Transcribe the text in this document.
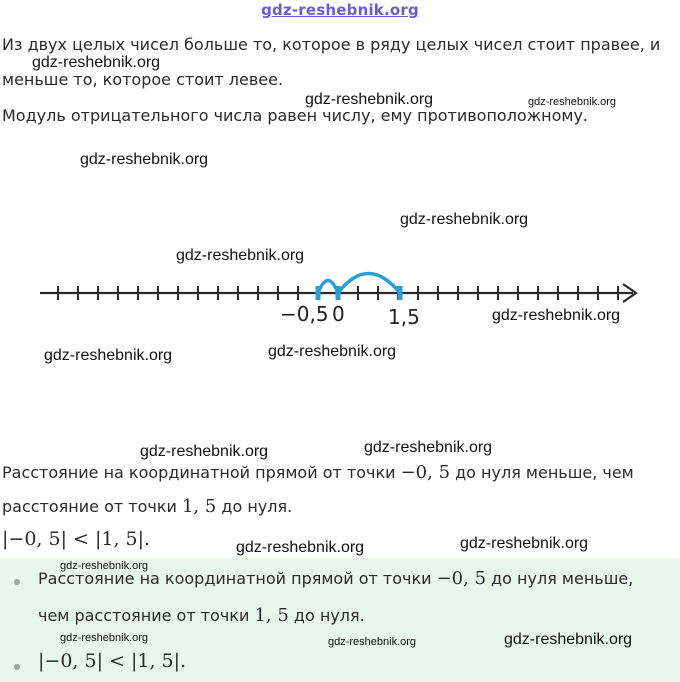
gdz-reshebnik.org
Из двух целых чисел больше то, которое в ряду целых чисел стоит правее, и
меньше то, которое стоит левее.
Модуль отрицательного числа равен числу, ему противоположному.
−0,5 0 1,5
Расстояние на координатной прямой от точки −0, 5 до нуля меньше, чем
расстояние от точки 1, 5 до нуля.
|−0, 5| < |1, 5|.
Расстояние на координатной прямой от точки −0, 5 до нуля меньше,
чем расстояние от точки 1, 5 до нуля.
|−0, 5| < |1, 5|.
gdz-reshebnik.org
gdz-reshebnik.org	gdz-reshebnik.org
gdz-reshebnik.org
gdz-reshebnik.org
gdz-reshebnik.org
gdz-reshebnik.org
gdz-reshebnik.org	gdz-reshebnik.org
gdz-reshebnik.org	gdz-reshebnik.org
gdz-reshebnik.org	gdz-reshebnik.org
gdz-reshebnik.org
gdz-reshebnik.org	gdz-reshebnik.org	gdz-reshebnik.org
